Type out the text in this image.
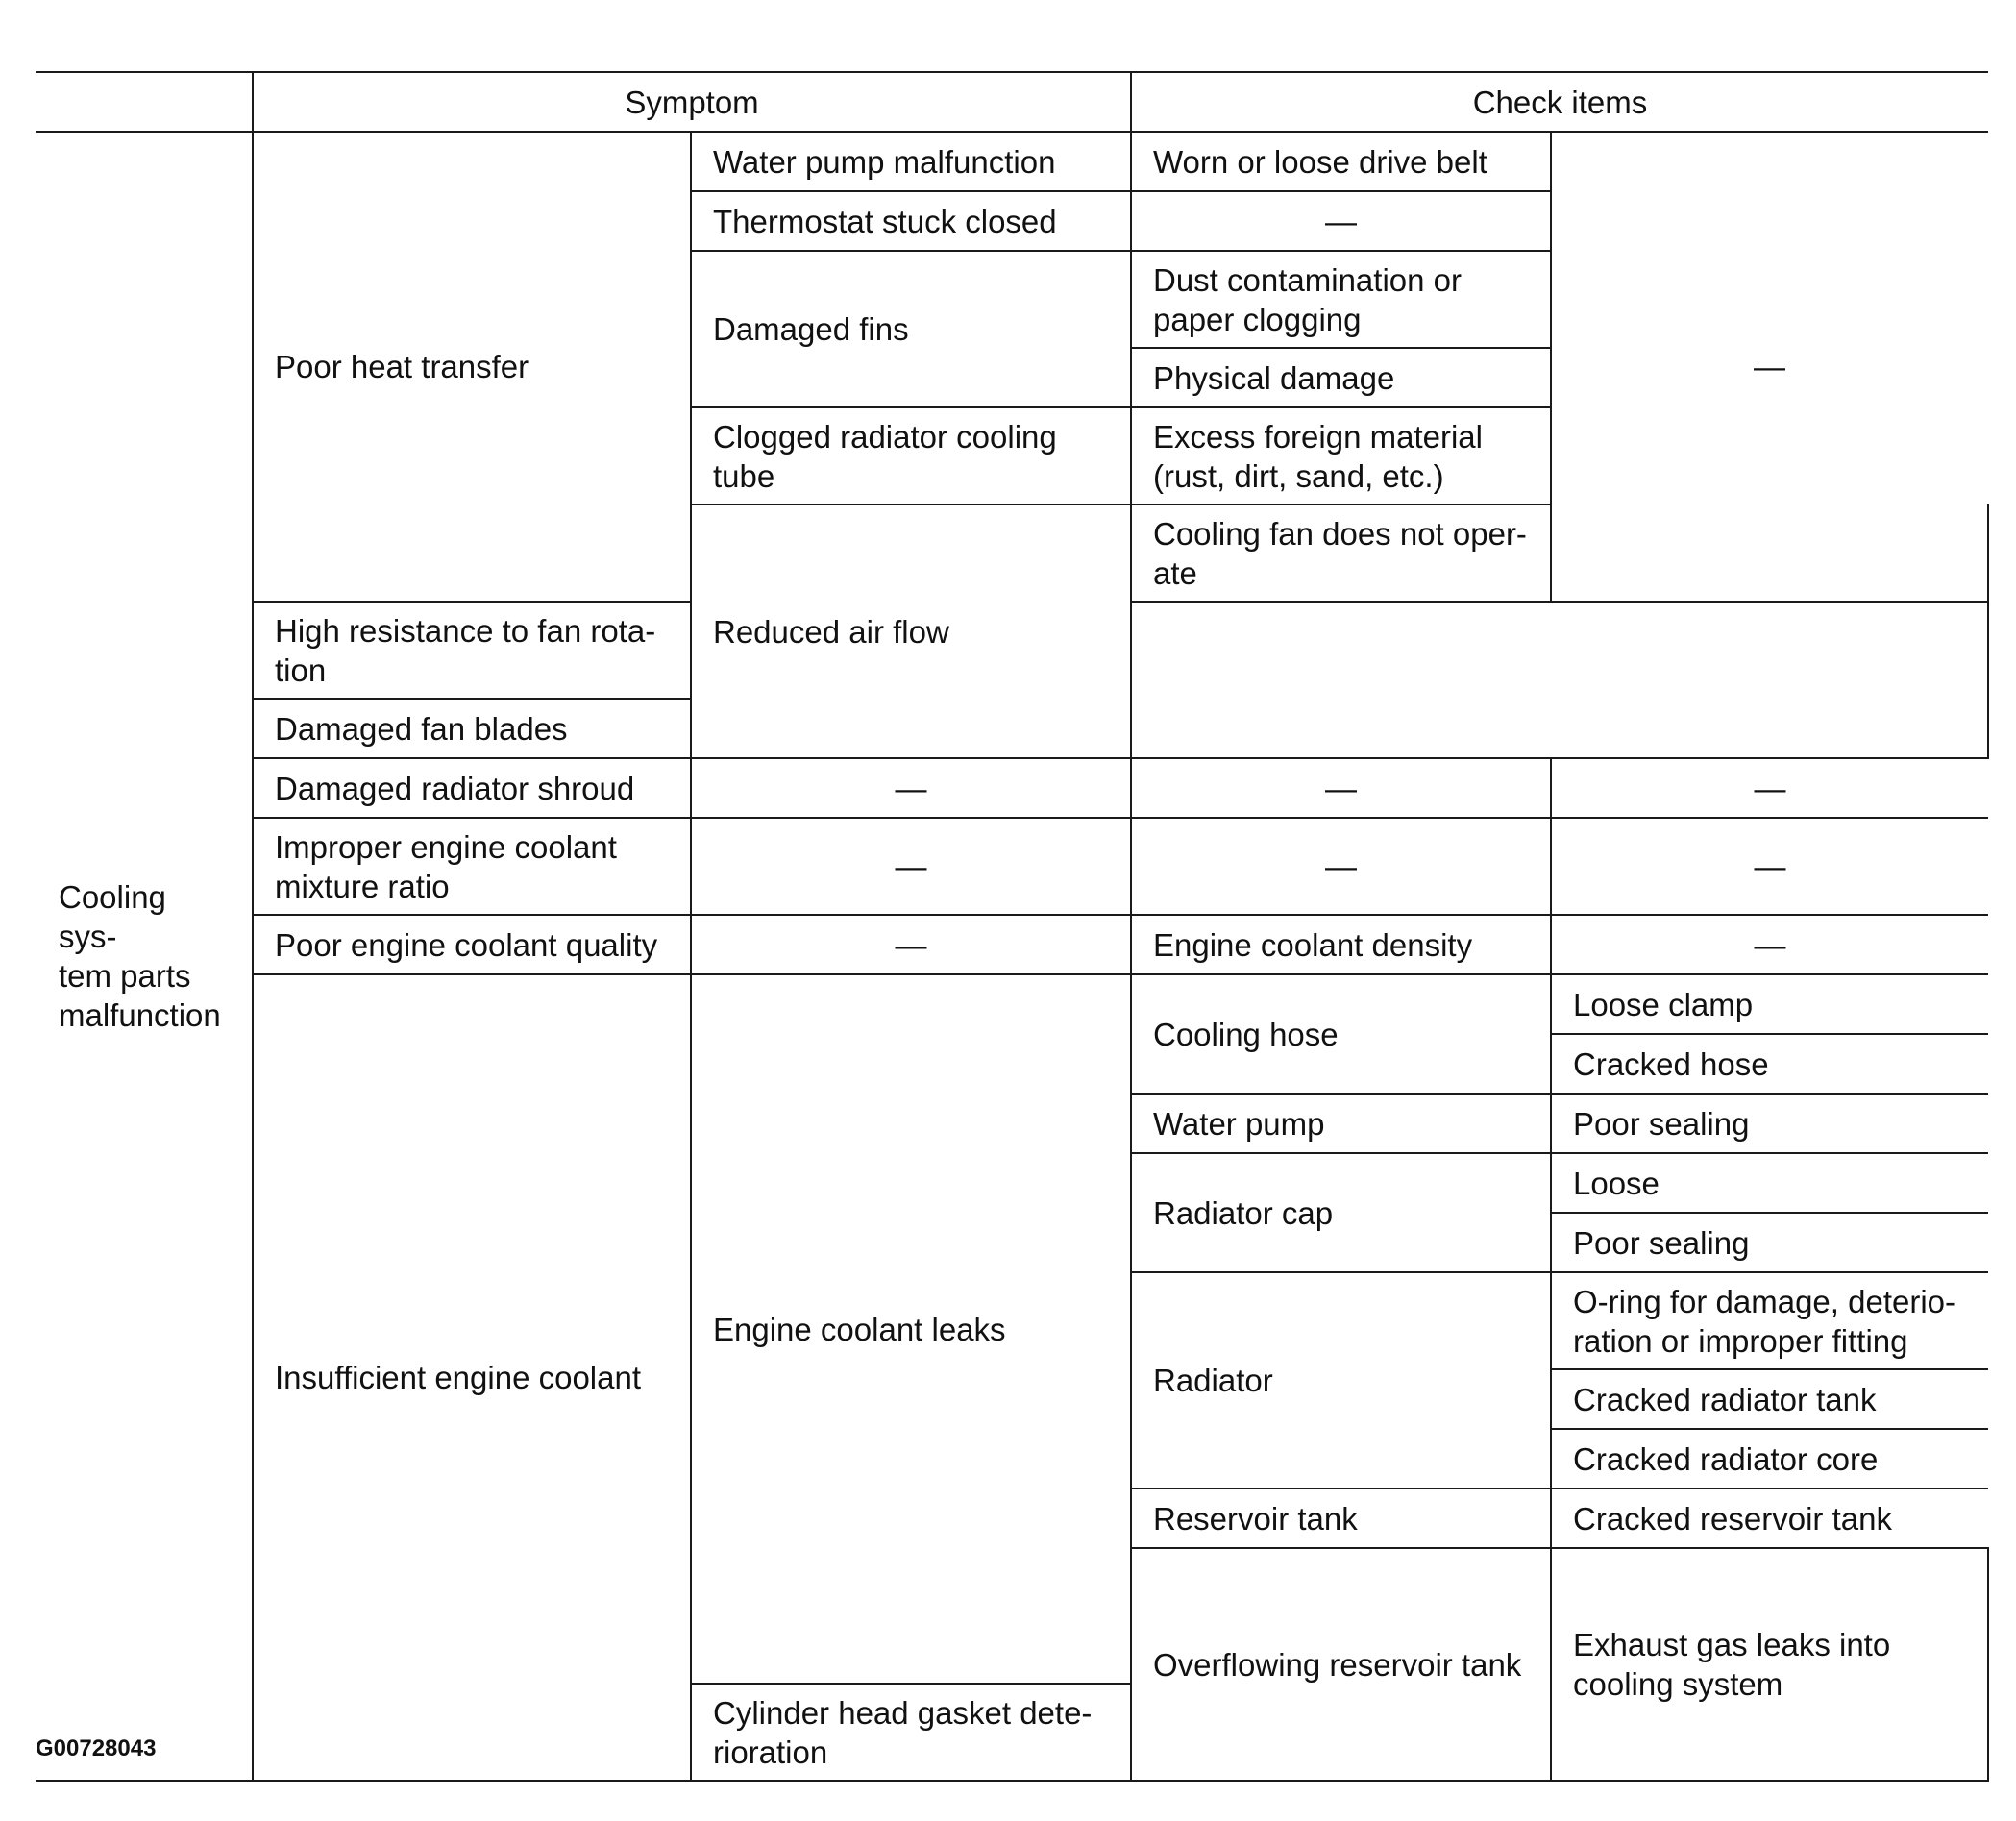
	Symptom		Check items		
Cooling sys-
tem parts
malfunction	Poor heat transfer	Water pump malfunction	Worn or loose drive belt	—	
		Thermostat stuck closed	—		
		Damaged fins	Dust contamination or paper clogging		
			Physical damage		
		Clogged radiator cooling tube	Excess foreign material (rust, dirt, sand, etc.)		
		Reduced air flow	Cooling fan does not oper-
ate		
	High resistance to fan rota-
tion				
	Damaged fan blades				
	Damaged radiator shroud	—	—	—	
	Improper engine coolant mixture ratio	—	—	—	
	Poor engine coolant quality	—	Engine coolant density	—	
	Insufficient engine coolant	Engine coolant leaks	Cooling hose	Loose clamp	
				Cracked hose	
			Water pump	Poor sealing	
			Radiator cap	Loose	
				Poor sealing	
			Radiator	O-ring for damage, deterio-
ration or improper fitting	
				Cracked radiator tank	
				Cracked radiator core	
			Reservoir tank	Cracked reservoir tank	
			Overflowing reservoir tank	Exhaust gas leaks into cooling system	
		Cylinder head gasket dete-
rioration			
G00728043
